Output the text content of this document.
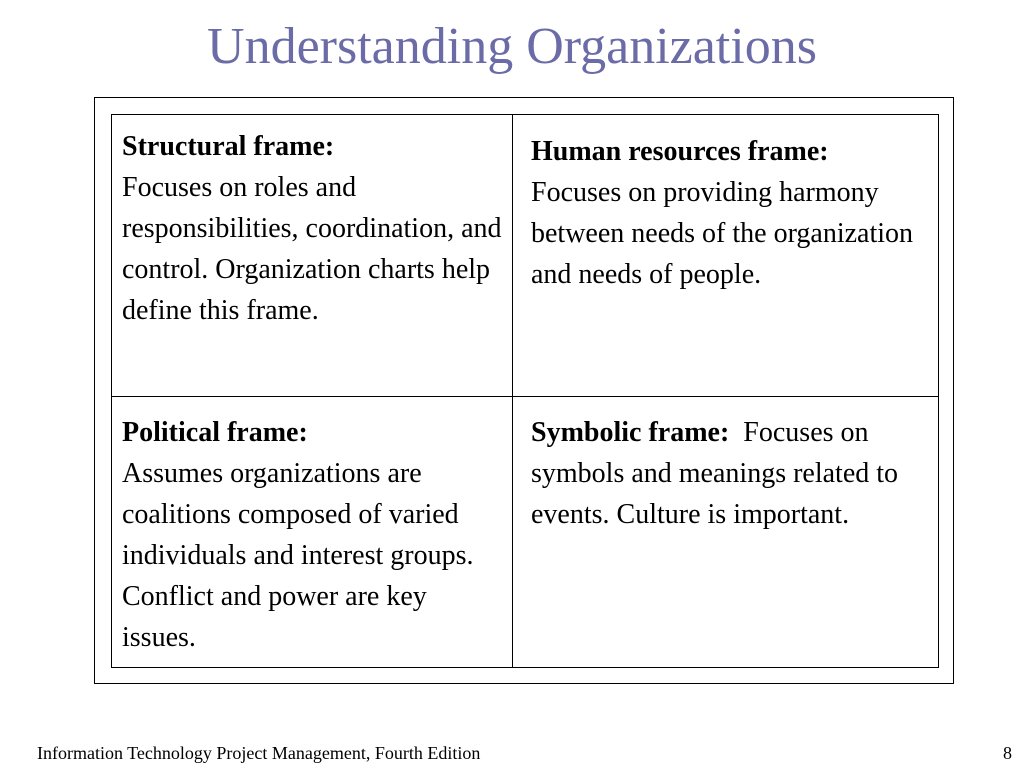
Understanding Organizations
Structural frame:
Focuses on roles and responsibilities, coordination, and control. Organization charts help define this frame.
Human resources frame:
Focuses on providing harmony between needs of the organization and needs of people.
Political frame:
Assumes organizations are coalitions composed of varied individuals and interest groups. Conflict and power are key issues.
Symbolic frame: Focuses on symbols and meanings related to events. Culture is important.
Information Technology Project Management, Fourth Edition	8
